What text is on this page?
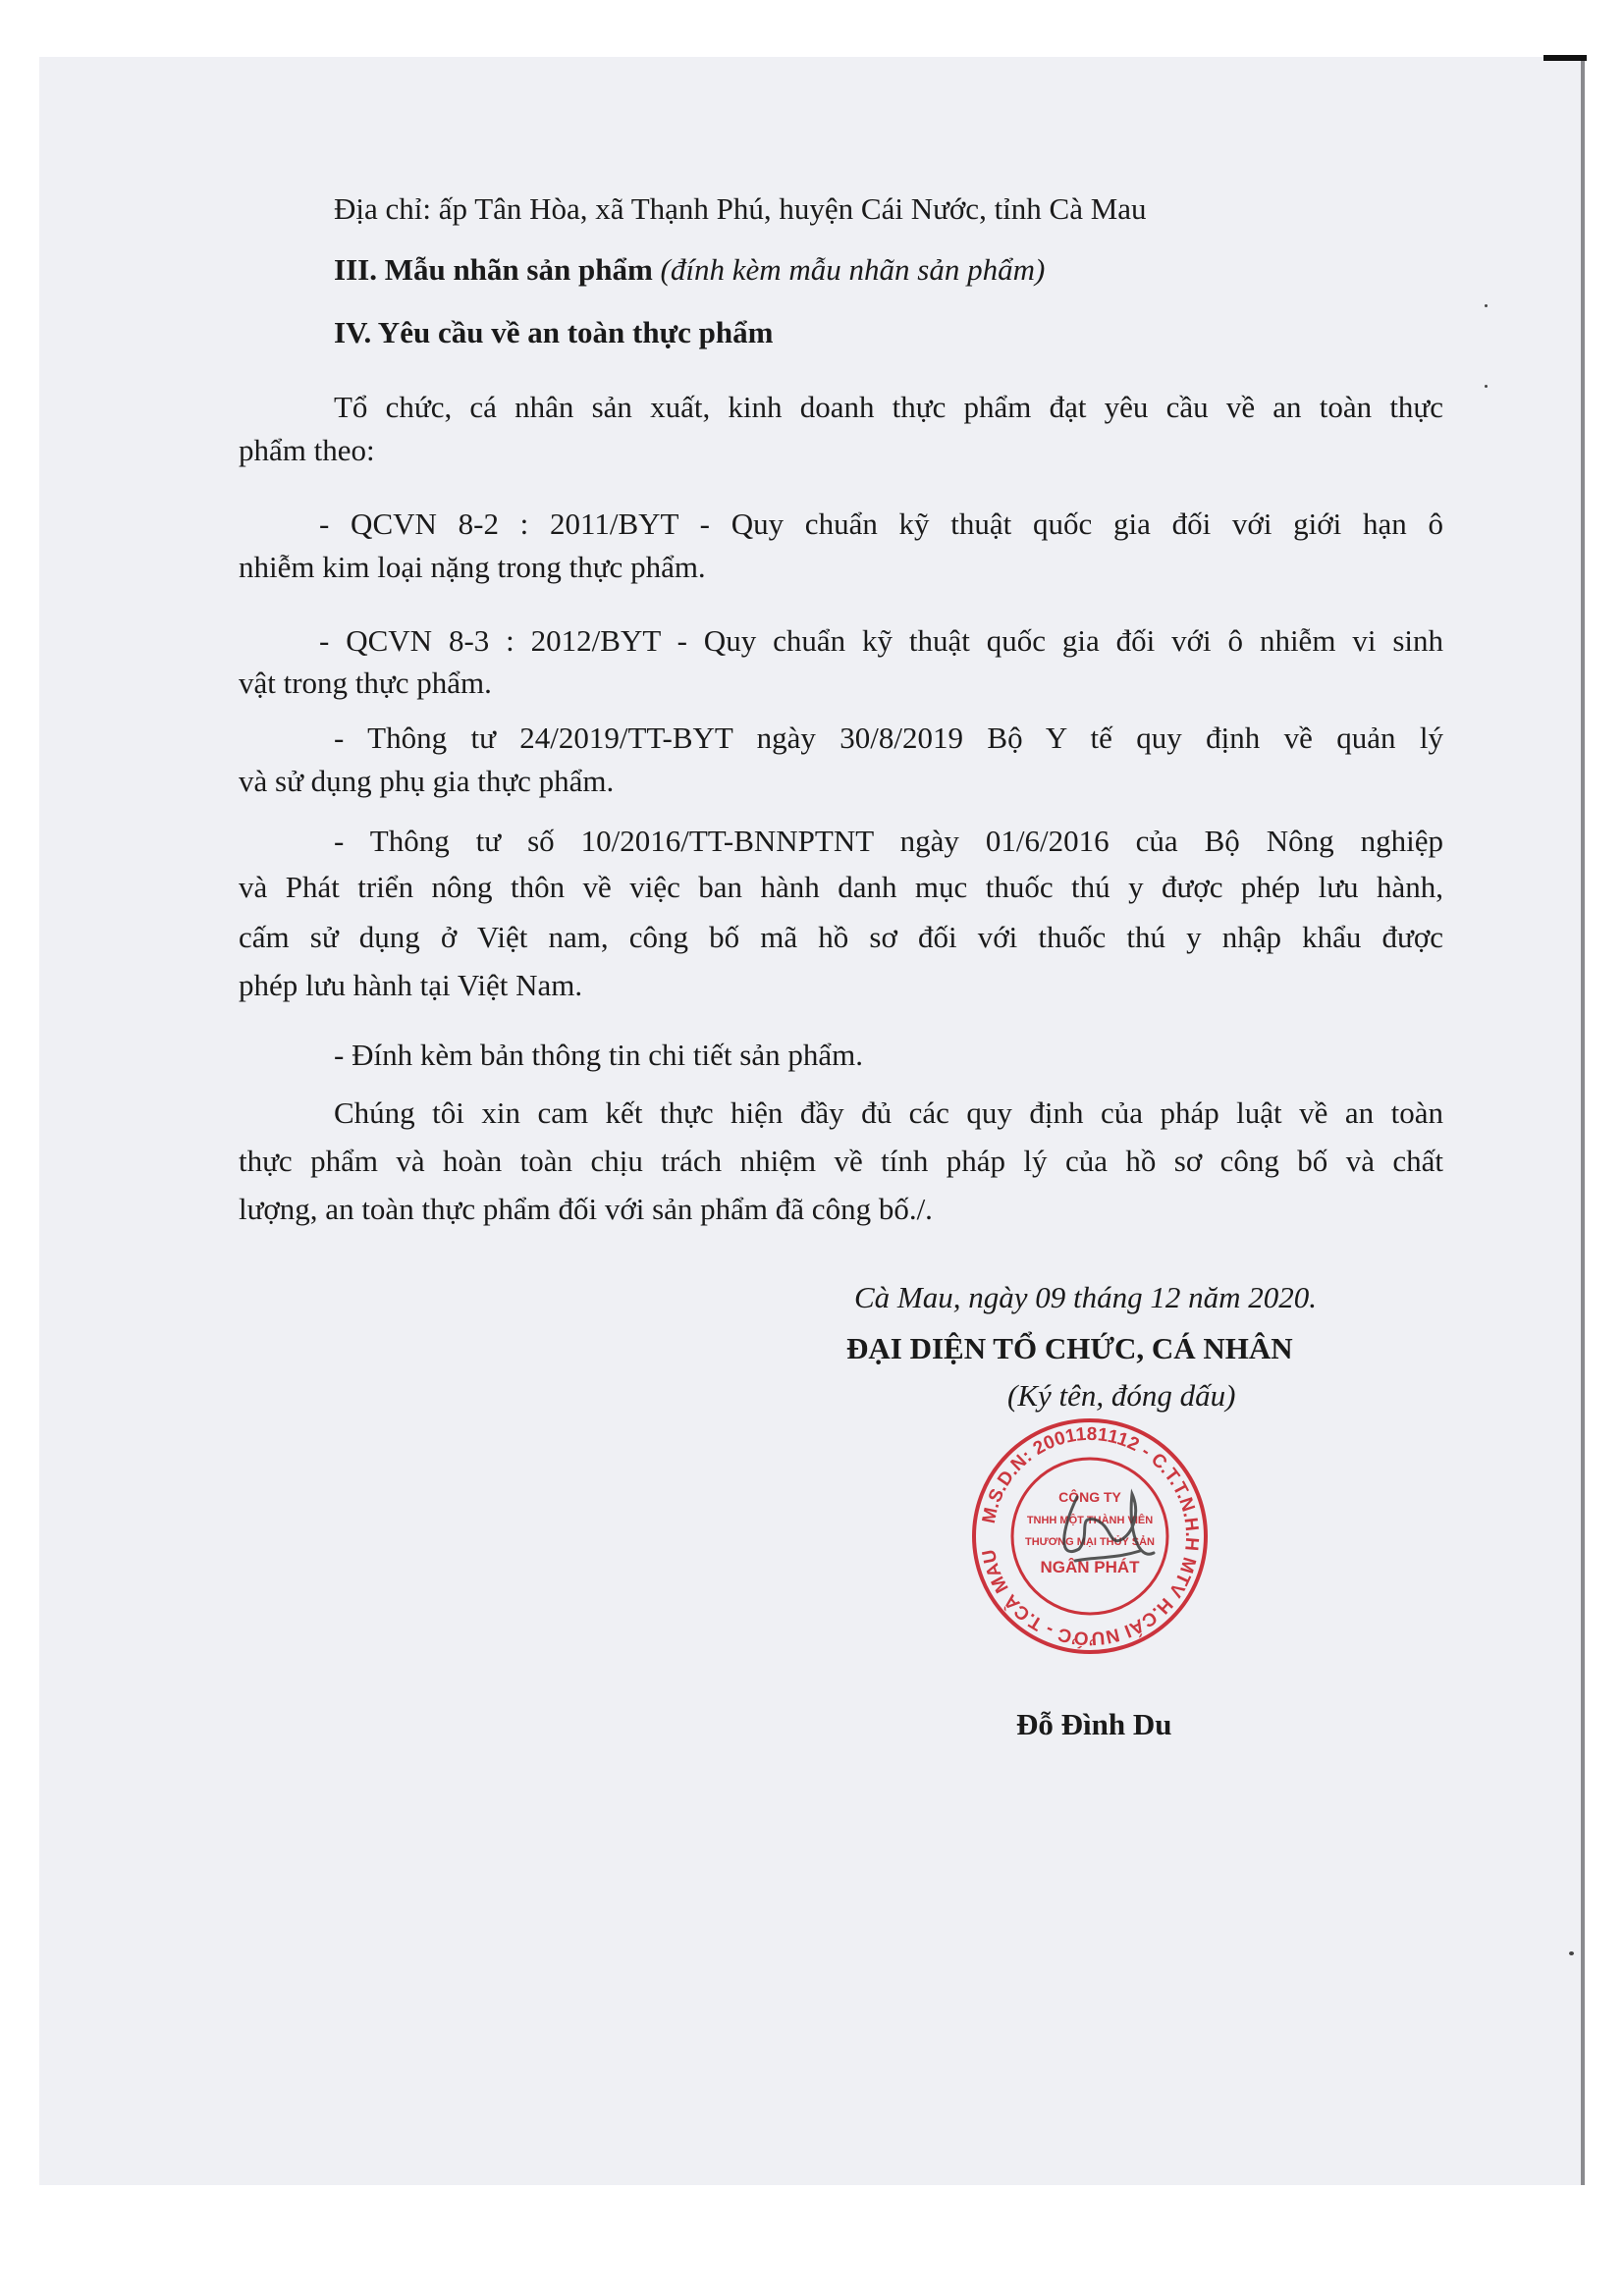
Địa chỉ: ấp Tân Hòa, xã Thạnh Phú, huyện Cái Nước, tỉnh Cà Mau

III. Mẫu nhãn sản phẩm (đính kèm mẫu nhãn sản phẩm)

IV. Yêu cầu về an toàn thực phẩm

Tổ chức, cá nhân sản xuất, kinh doanh thực phẩm đạt yêu cầu về an toàn thực

phẩm theo:

- QCVN 8-2 : 2011/BYT - Quy chuẩn kỹ thuật quốc gia đối với giới hạn ô

nhiễm kim loại nặng trong thực phẩm.

- QCVN 8-3 : 2012/BYT - Quy chuẩn kỹ thuật quốc gia đối với ô nhiễm vi sinh

vật trong thực phẩm.

- Thông tư 24/2019/TT-BYT ngày 30/8/2019 Bộ Y tế quy định về quản lý

và sử dụng phụ gia thực phẩm.

- Thông tư số 10/2016/TT-BNNPTNT ngày 01/6/2016 của Bộ Nông nghiệp

và Phát triển nông thôn về việc ban hành danh mục thuốc thú y được phép lưu hành,

cấm sử dụng ở Việt nam, công bố mã hồ sơ đối với thuốc thú y nhập khẩu được

phép lưu hành tại Việt Nam.

- Đính kèm bản thông tin chi tiết sản phẩm.

Chúng tôi xin cam kết thực hiện đầy đủ các quy định của pháp luật về an toàn

thực phẩm và hoàn toàn chịu trách nhiệm về tính pháp lý của hồ sơ công bố và chất

lượng, an toàn thực phẩm đối với sản phẩm đã công bố./.

Cà Mau, ngày 09 tháng 12 năm 2020.

ĐẠI DIỆN TỔ CHỨC, CÁ NHÂN

(Ký tên, đóng dấu)

M.S.D.N: 2001181112 - C.T.T.N.H.H MTV H.CÁI NƯỚC - T.CÀ MAU
CÔNG TY
TNHH MỘT THÀNH VIÊN
THƯƠNG MẠI THỦY SẢN
NGÂN PHÁT

Đỗ Đình Du
